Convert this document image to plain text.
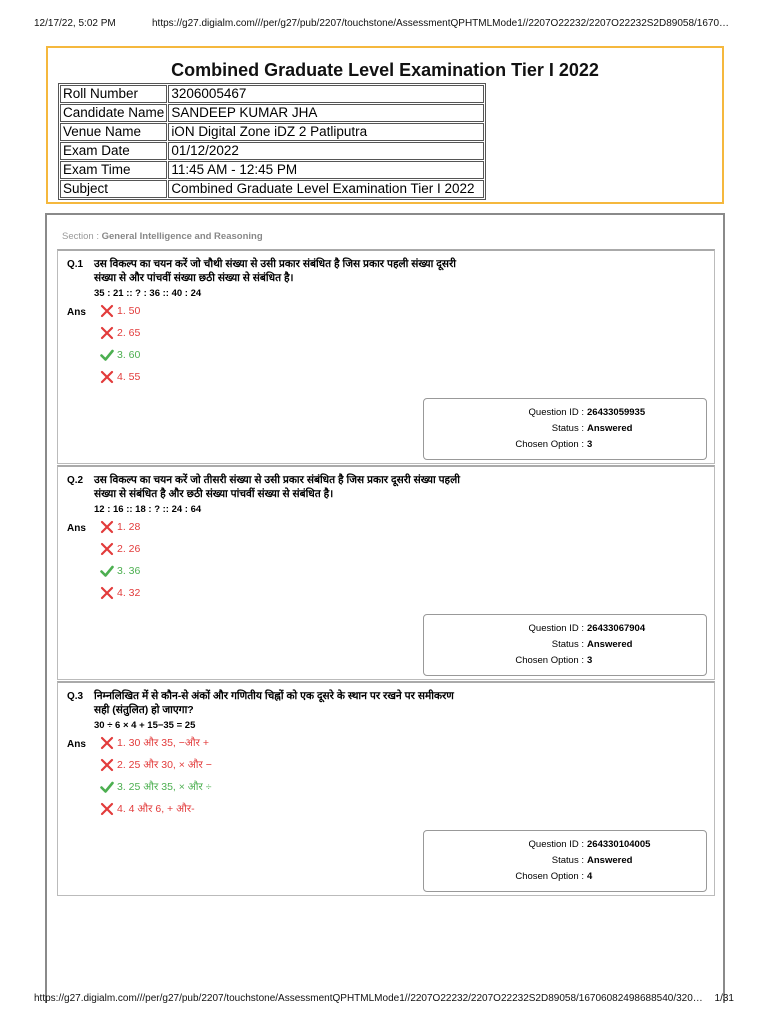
12/17/22, 5:02 PM	https://g27.digialm.com///per/g27/pub/2207/touchstone/AssessmentQPHTMLMode1//2207O22232/2207O22232S2D89058/1670…
Combined Graduate Level Examination Tier I 2022
Roll Number	3206005467
Candidate Name	SANDEEP KUMAR JHA
Venue Name	iON Digital Zone iDZ 2 Patliputra
Exam Date	01/12/2022
Exam Time	11:45 AM - 12:45 PM
Subject	Combined Graduate Level Examination Tier I 2022
Section : General Intelligence and Reasoning
Q.1 उस विकल्प का चयन करें जो चौथी संख्या से उसी प्रकार संबंधित है जिस प्रकार पहली संख्या दूसरी
संख्या से और पांचवीं संख्या छठी संख्या से संबंधित है।
35 : 21 :: ? : 36 :: 40 : 24
Ans	1. 50
2. 65
3. 60
4. 55
Question ID : 26433059935
Status : Answered
Chosen Option : 3
Q.2 उस विकल्प का चयन करें जो तीसरी संख्या से उसी प्रकार संबंधित है जिस प्रकार दूसरी संख्या पहली
संख्या से संबंधित है और छठी संख्या पांचवीं संख्या से संबंधित है।
12 : 16 :: 18 : ? :: 24 : 64
Ans	1. 28
2. 26
3. 36
4. 32
Question ID : 26433067904
Status : Answered
Chosen Option : 3
Q.3 निम्नलिखित में से कौन-से अंकों और गणितीय चिह्नों को एक दूसरे के स्थान पर रखने पर समीकरण
सही (संतुलित) हो जाएगा?
30 ÷ 6 × 4 + 15−35 = 25
Ans	1. 30 और 35, −और +
2. 25 और 30, × और −
3. 25 और 35, × और ÷
4. 4 और 6, + और-
Question ID : 264330104005
Status : Answered
Chosen Option : 4
https://g27.digialm.com///per/g27/pub/2207/touchstone/AssessmentQPHTMLMode1//2207O22232/2207O22232S2D89058/16706082498688540/320…	1/31
